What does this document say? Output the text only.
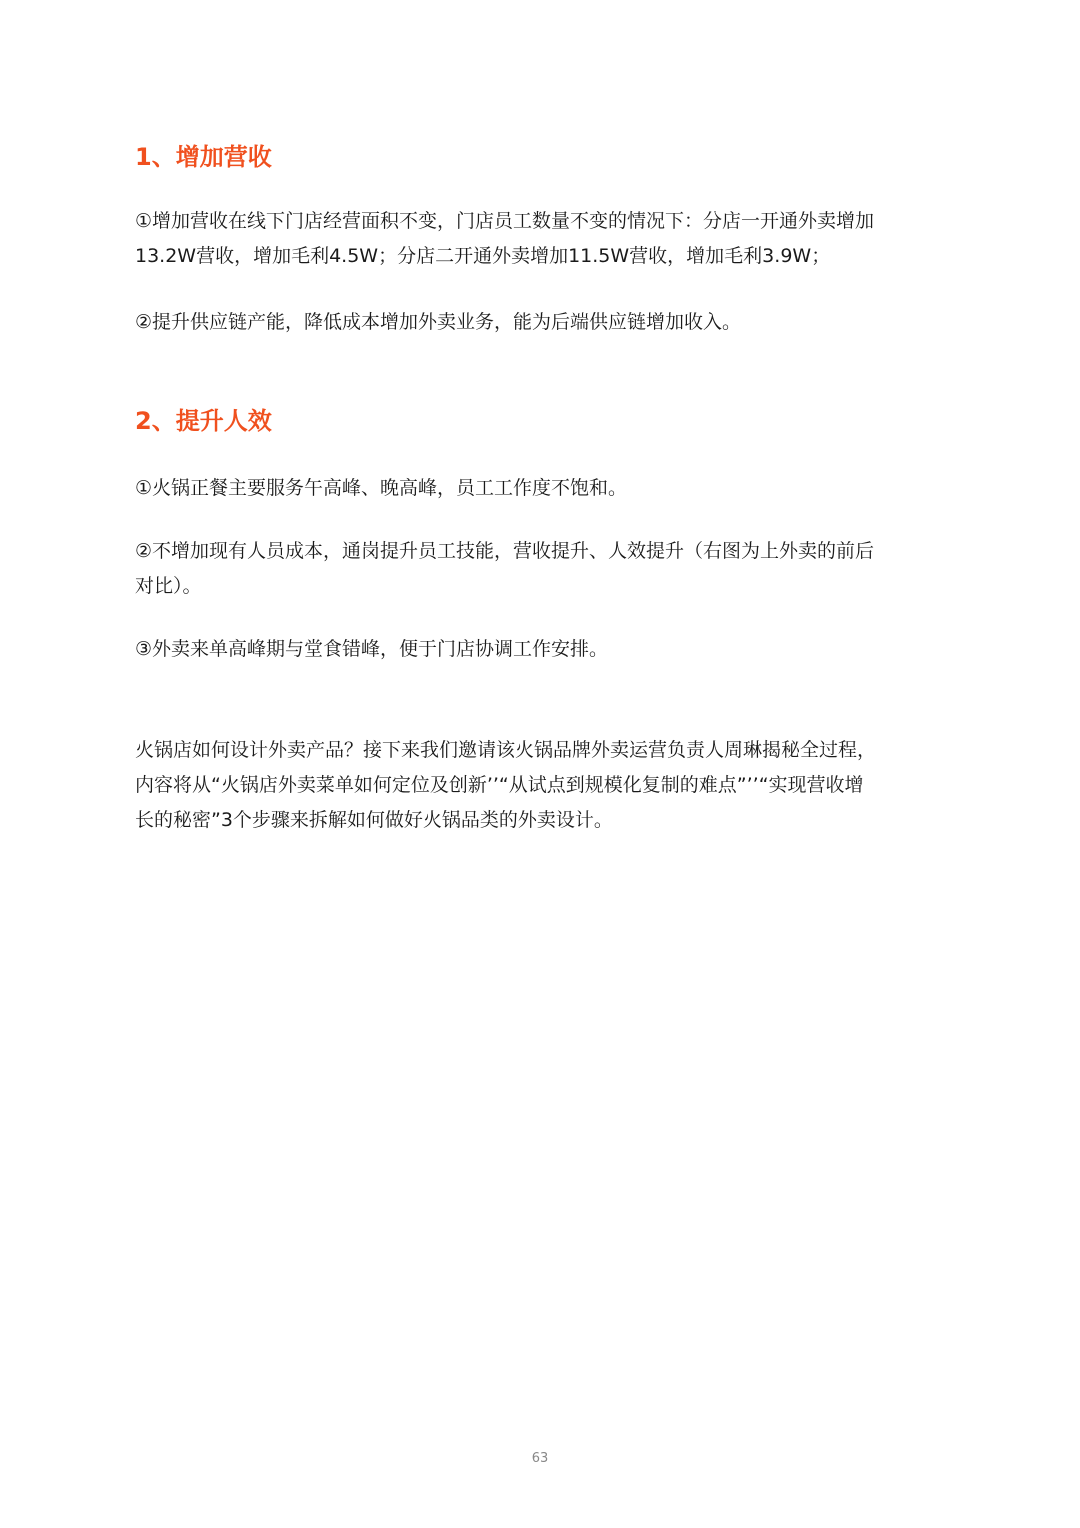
1、增加营收
①增加营收在线下门店经营面积不变，门店员工数量不变的情况下：分店一开通外卖增加
13.2W营收，增加毛利4.5W；分店二开通外卖增加11.5W营收，增加毛利3.9W；
②提升供应链产能，降低成本增加外卖业务，能为后端供应链增加收入。
2、提升人效
①火锅正餐主要服务午高峰、晚高峰，员工工作度不饱和。
②不增加现有人员成本，通岗提升员工技能，营收提升、人效提升（右图为上外卖的前后
对比）。
③外卖来单高峰期与堂食错峰，便于门店协调工作安排。
火锅店如何设计外卖产品？接下来我们邀请该火锅品牌外卖运营负责人周琳揭秘全过程，
内容将从“火锅店外卖菜单如何定位及创新’’“从试点到规模化复制的难点”’’“实现营收增
长的秘密”3个步骤来拆解如何做好火锅品类的外卖设计。
63
